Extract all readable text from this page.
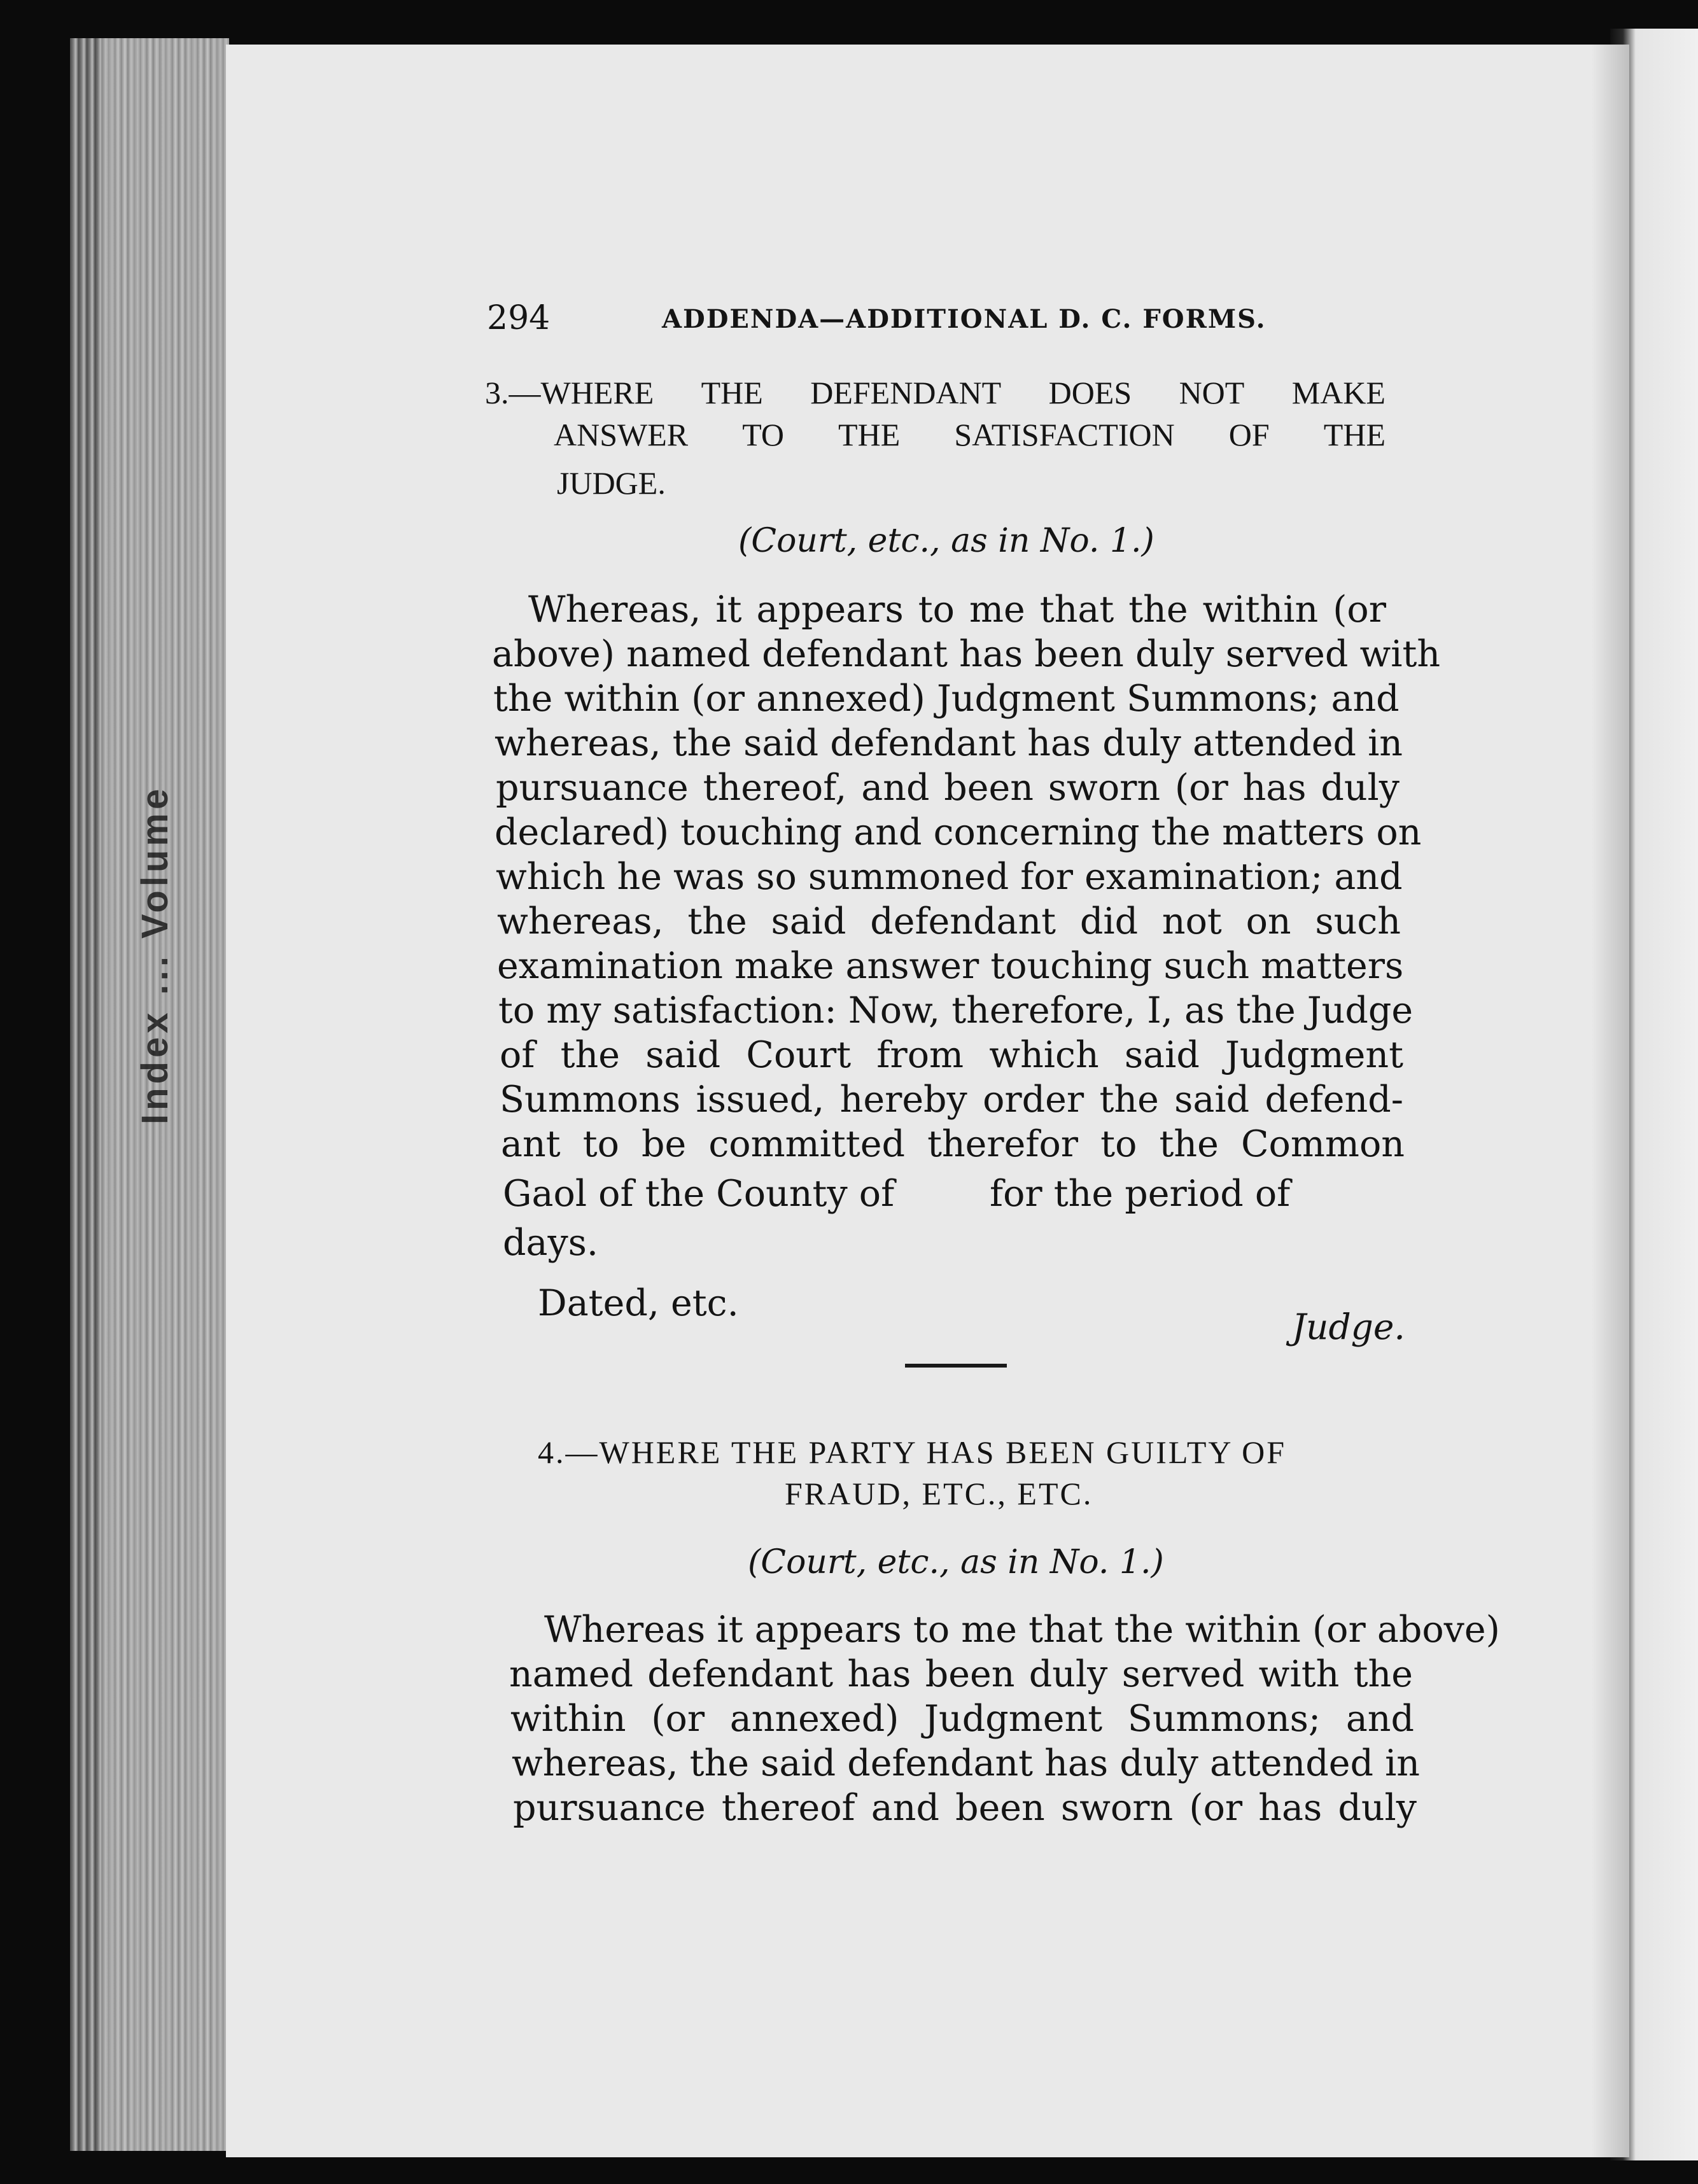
Index ... Volume
294	ADDENDA—ADDITIONAL D. C. FORMS.
3.—WHERE THE DEFENDANT DOES NOT MAKE
ANSWER TO THE SATISFACTION OF THE
JUDGE.
(Court, etc., as in No. 1.)
Whereas, it appears to me that the within (or
above) named defendant has been duly served with
the within (or annexed) Judgment Summons; and
whereas, the said defendant has duly attended in
pursuance thereof, and been sworn (or has duly
declared) touching and concerning the matters on
which he was so summoned for examination; and
whereas, the said defendant did not on such
examination make answer touching such matters
to my satisfaction: Now, therefore, I, as the Judge
of the said Court from which said Judgment
Summons issued, hereby order the said defend-
ant to be committed therefor to the Common
Gaol of the County of	for the period of
days.
Dated, etc.
Judge.
4.—WHERE THE PARTY HAS BEEN GUILTY OF
FRAUD, ETC., ETC.
(Court, etc., as in No. 1.)
Whereas it appears to me that the within (or above)
named defendant has been duly served with the
within (or annexed) Judgment Summons; and
whereas, the said defendant has duly attended in
pursuance thereof and been sworn (or has duly
